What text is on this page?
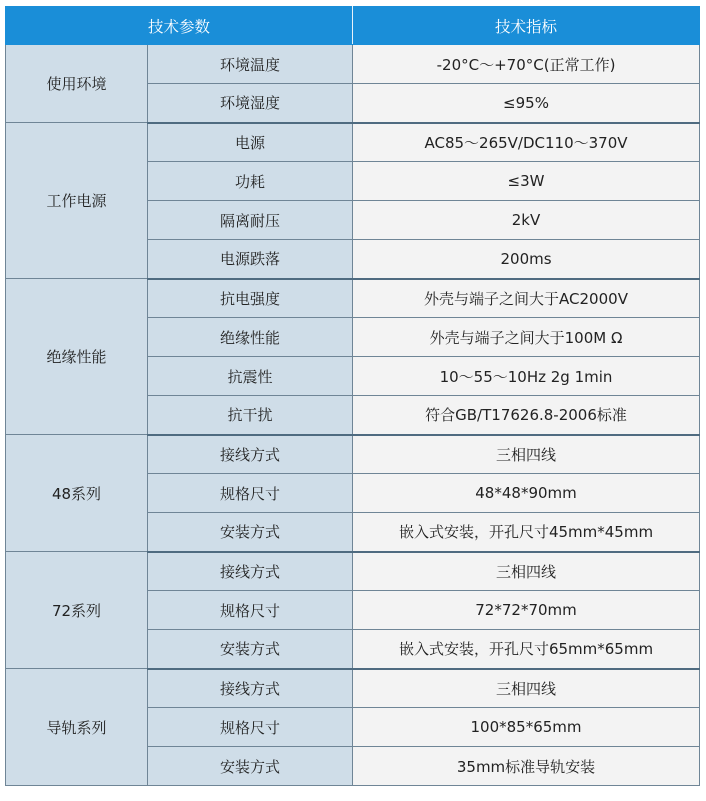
技术参数		技术指标
使用环境	环境温度	-20°C～+70°C(正常工作)
	环境湿度	≤95%
工作电源	电源	AC85～265V/DC110～370V
	功耗	≤3W
	隔离耐压	2kV
	电源跌落	200ms
绝缘性能	抗电强度	外壳与端子之间大于AC2000V
	绝缘性能	外壳与端子之间大于100M Ω
	抗震性	10～55～10Hz 2g 1min
	抗干扰	符合GB/T17626.8-2006标准
48系列	接线方式	三相四线
	规格尺寸	48*48*90mm
	安装方式	嵌入式安装，开孔尺寸45mm*45mm
72系列	接线方式	三相四线
	规格尺寸	72*72*70mm
	安装方式	嵌入式安装，开孔尺寸65mm*65mm
导轨系列	接线方式	三相四线
	规格尺寸	100*85*65mm
	安装方式	35mm标准导轨安装
